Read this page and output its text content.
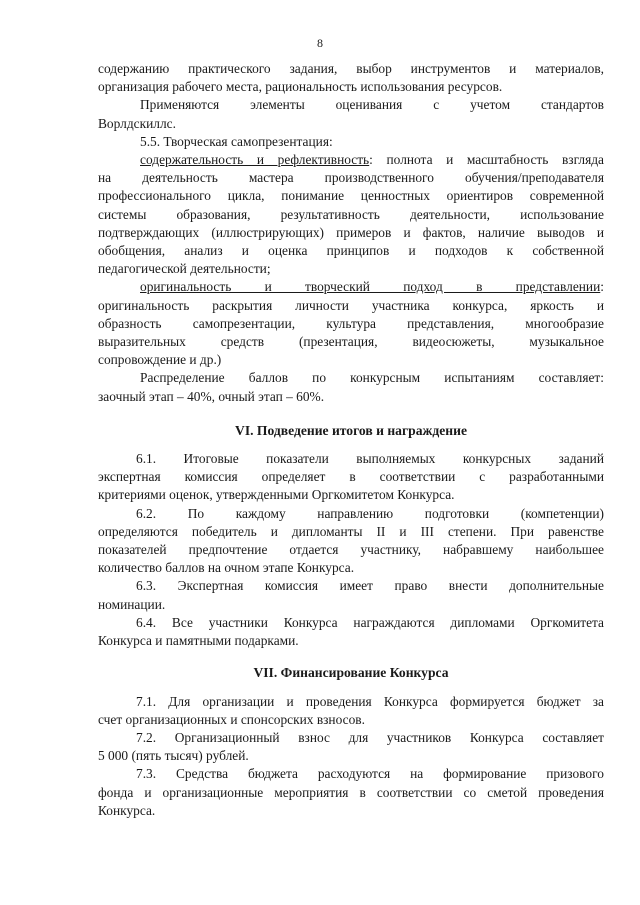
8
содержанию практического задания, выбор инструментов и материалов,
организация рабочего места, рациональность использования ресурсов.
Применяются элементы оценивания с учетом стандартов
Ворлдскиллс.
5.5. Творческая самопрезентация:
содержательность и рефлективность: полнота и масштабность взгляда
на деятельность мастера производственного обучения/преподавателя
профессионального цикла, понимание ценностных ориентиров современной
системы образования, результативность деятельности, использование
подтверждающих (иллюстрирующих) примеров и фактов, наличие выводов и
обобщения, анализ и оценка принципов и подходов к собственной
педагогической деятельности;
оригинальность и творческий подход в представлении:
оригинальность раскрытия личности участника конкурса, яркость и
образность самопрезентации, культура представления, многообразие
выразительных средств (презентация, видеосюжеты, музыкальное
сопровождение и др.)
Распределение баллов по конкурсным испытаниям составляет:
заочный этап – 40%, очный этап – 60%.
VI. Подведение итогов и награждение
6.1. Итоговые показатели выполняемых конкурсных заданий
экспертная комиссия определяет в соответствии с разработанными
критериями оценок, утвержденными Оргкомитетом Конкурса.
6.2. По каждому направлению подготовки (компетенции)
определяются победитель и дипломанты II и III степени. При равенстве
показателей предпочтение отдается участнику, набравшему наибольшее
количество баллов на очном этапе Конкурса.
6.3. Экспертная комиссия имеет право внести дополнительные
номинации.
6.4. Все участники Конкурса награждаются дипломами Оргкомитета
Конкурса и памятными подарками.
VII. Финансирование Конкурса
7.1. Для организации и проведения Конкурса формируется бюджет за
счет организационных и спонсорских взносов.
7.2. Организационный взнос для участников Конкурса составляет
5 000 (пять тысяч) рублей.
7.3. Средства бюджета расходуются на формирование призового
фонда и организационные мероприятия в соответствии со сметой проведения
Конкурса.
